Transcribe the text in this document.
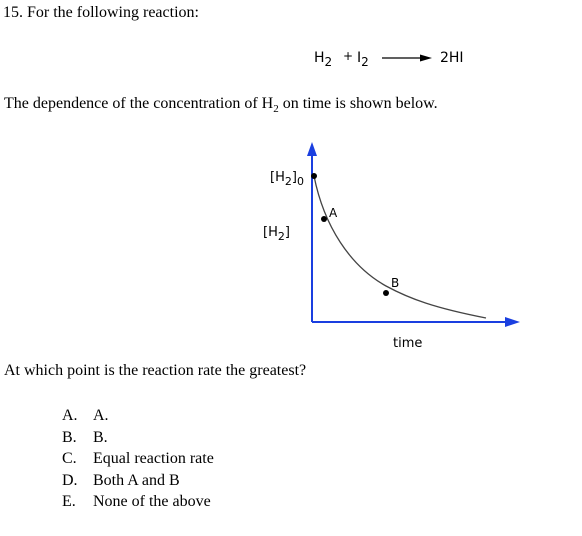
15. For the following reaction:
H2 + I2	2HI
The dependence of the concentration of $H_2$ on time is shown below.
A
B
$[H_2]_0$
$[H_2]$
time
At which point is the reaction rate the greatest?
A. A.
B. B.
C. Equal reaction rate
D. Both A and B
E. None of the above
